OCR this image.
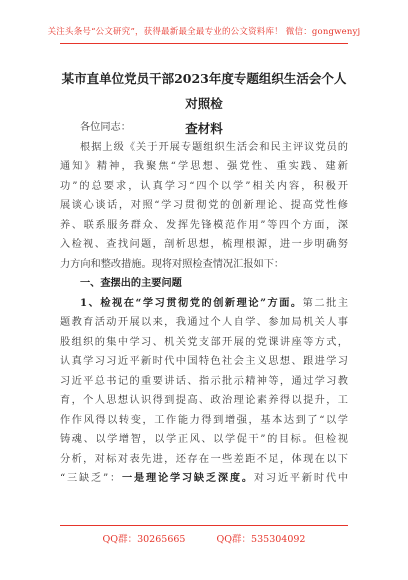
关注头条号“公文研究”，获得最新最全最专业的公文资料库！ 微信：gongwenyj
某市直单位党员干部2023年度专题组织生活会个人对照检
查材料
各位同志：
根据上级《关于开展专题组织生活会和民主评议党员的
通知》精神，我聚焦“学思想、强党性、重实践、建新
功”的总要求，认真学习“四个以学”相关内容，积极开
展谈心谈话，对照“学习贯彻党的创新理论、提高党性修
养、联系服务群众、发挥先锋模范作用”等四个方面，深
入检视、查找问题，剖析思想，梳理根源，进一步明确努
力方向和整改措施。现将对照检查情况汇报如下：
一、查摆出的主要问题
1、检视在“学习贯彻党的创新理论”方面。第二批主
题教育活动开展以来，我通过个人自学、参加局机关人事
股组织的集中学习、机关党支部开展的党课讲座等方式，
认真学习习近平新时代中国特色社会主义思想、跟进学习
习近平总书记的重要讲话、指示批示精神等，通过学习教
育，个人思想认识得到提高、政治理论素养得以提升，工
作作风得以转变，工作能力得到增强，基本达到了“以学
铸魂、以学增智，以学正风、以学促干”的目标。但检视
分析，对标对表先进，还存在一些差距不足，体现在以下
“三缺乏”：一是理论学习缺乏深度。对习近平新时代中
QQ群：30265665	QQ群：535304092
